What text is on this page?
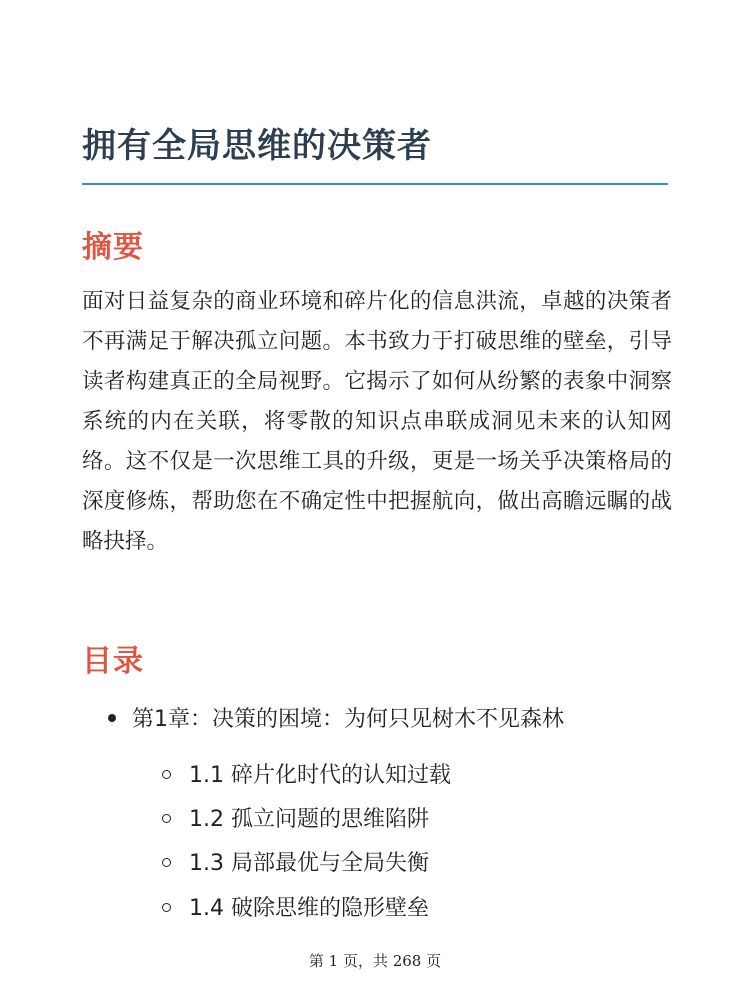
拥有全局思维的决策者
摘要

面对日益复杂的商业环境和碎片化的信息洪流，卓越的决策者不再满足于解决孤立问题。本书致力于打破思维的壁垒，引导读者构建真正的全局视野。它揭示了如何从纷繁的表象中洞察系统的内在关联，将零散的知识点串联成洞见未来的认知网络。这不仅是一次思维工具的升级，更是一场关乎决策格局的深度修炼，帮助您在不确定性中把握航向，做出高瞻远瞩的战略抉择。

目录
第1章：决策的困境：为何只见树木不见森林
1.1 碎片化时代的认知过载
1.2 孤立问题的思维陷阱
1.3 局部最优与全局失衡
1.4 破除思维的隐形壁垒
第 1 页，共 268 页
